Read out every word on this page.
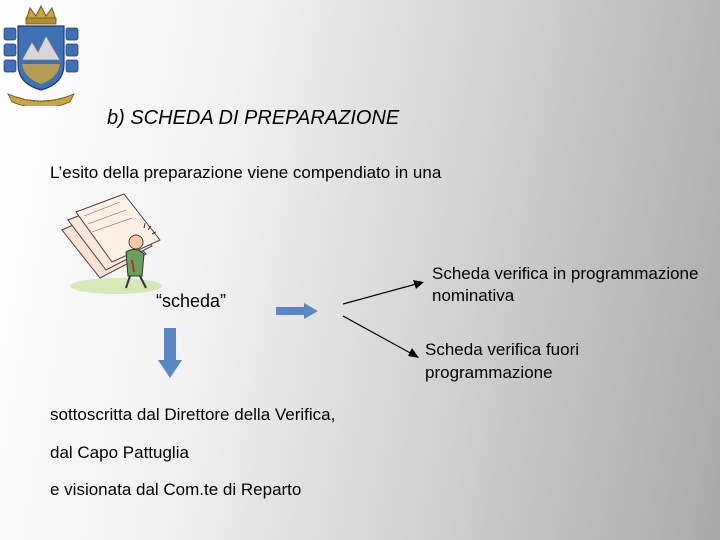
b) SCHEDA DI PREPARAZIONE
L’esito della preparazione viene compendiato in una
“scheda”
Scheda verifica in programmazione nominativa
Scheda verifica fuori programmazione
sottoscritta dal Direttore della Verifica,
dal Capo Pattuglia
e visionata dal Com.te di Reparto
